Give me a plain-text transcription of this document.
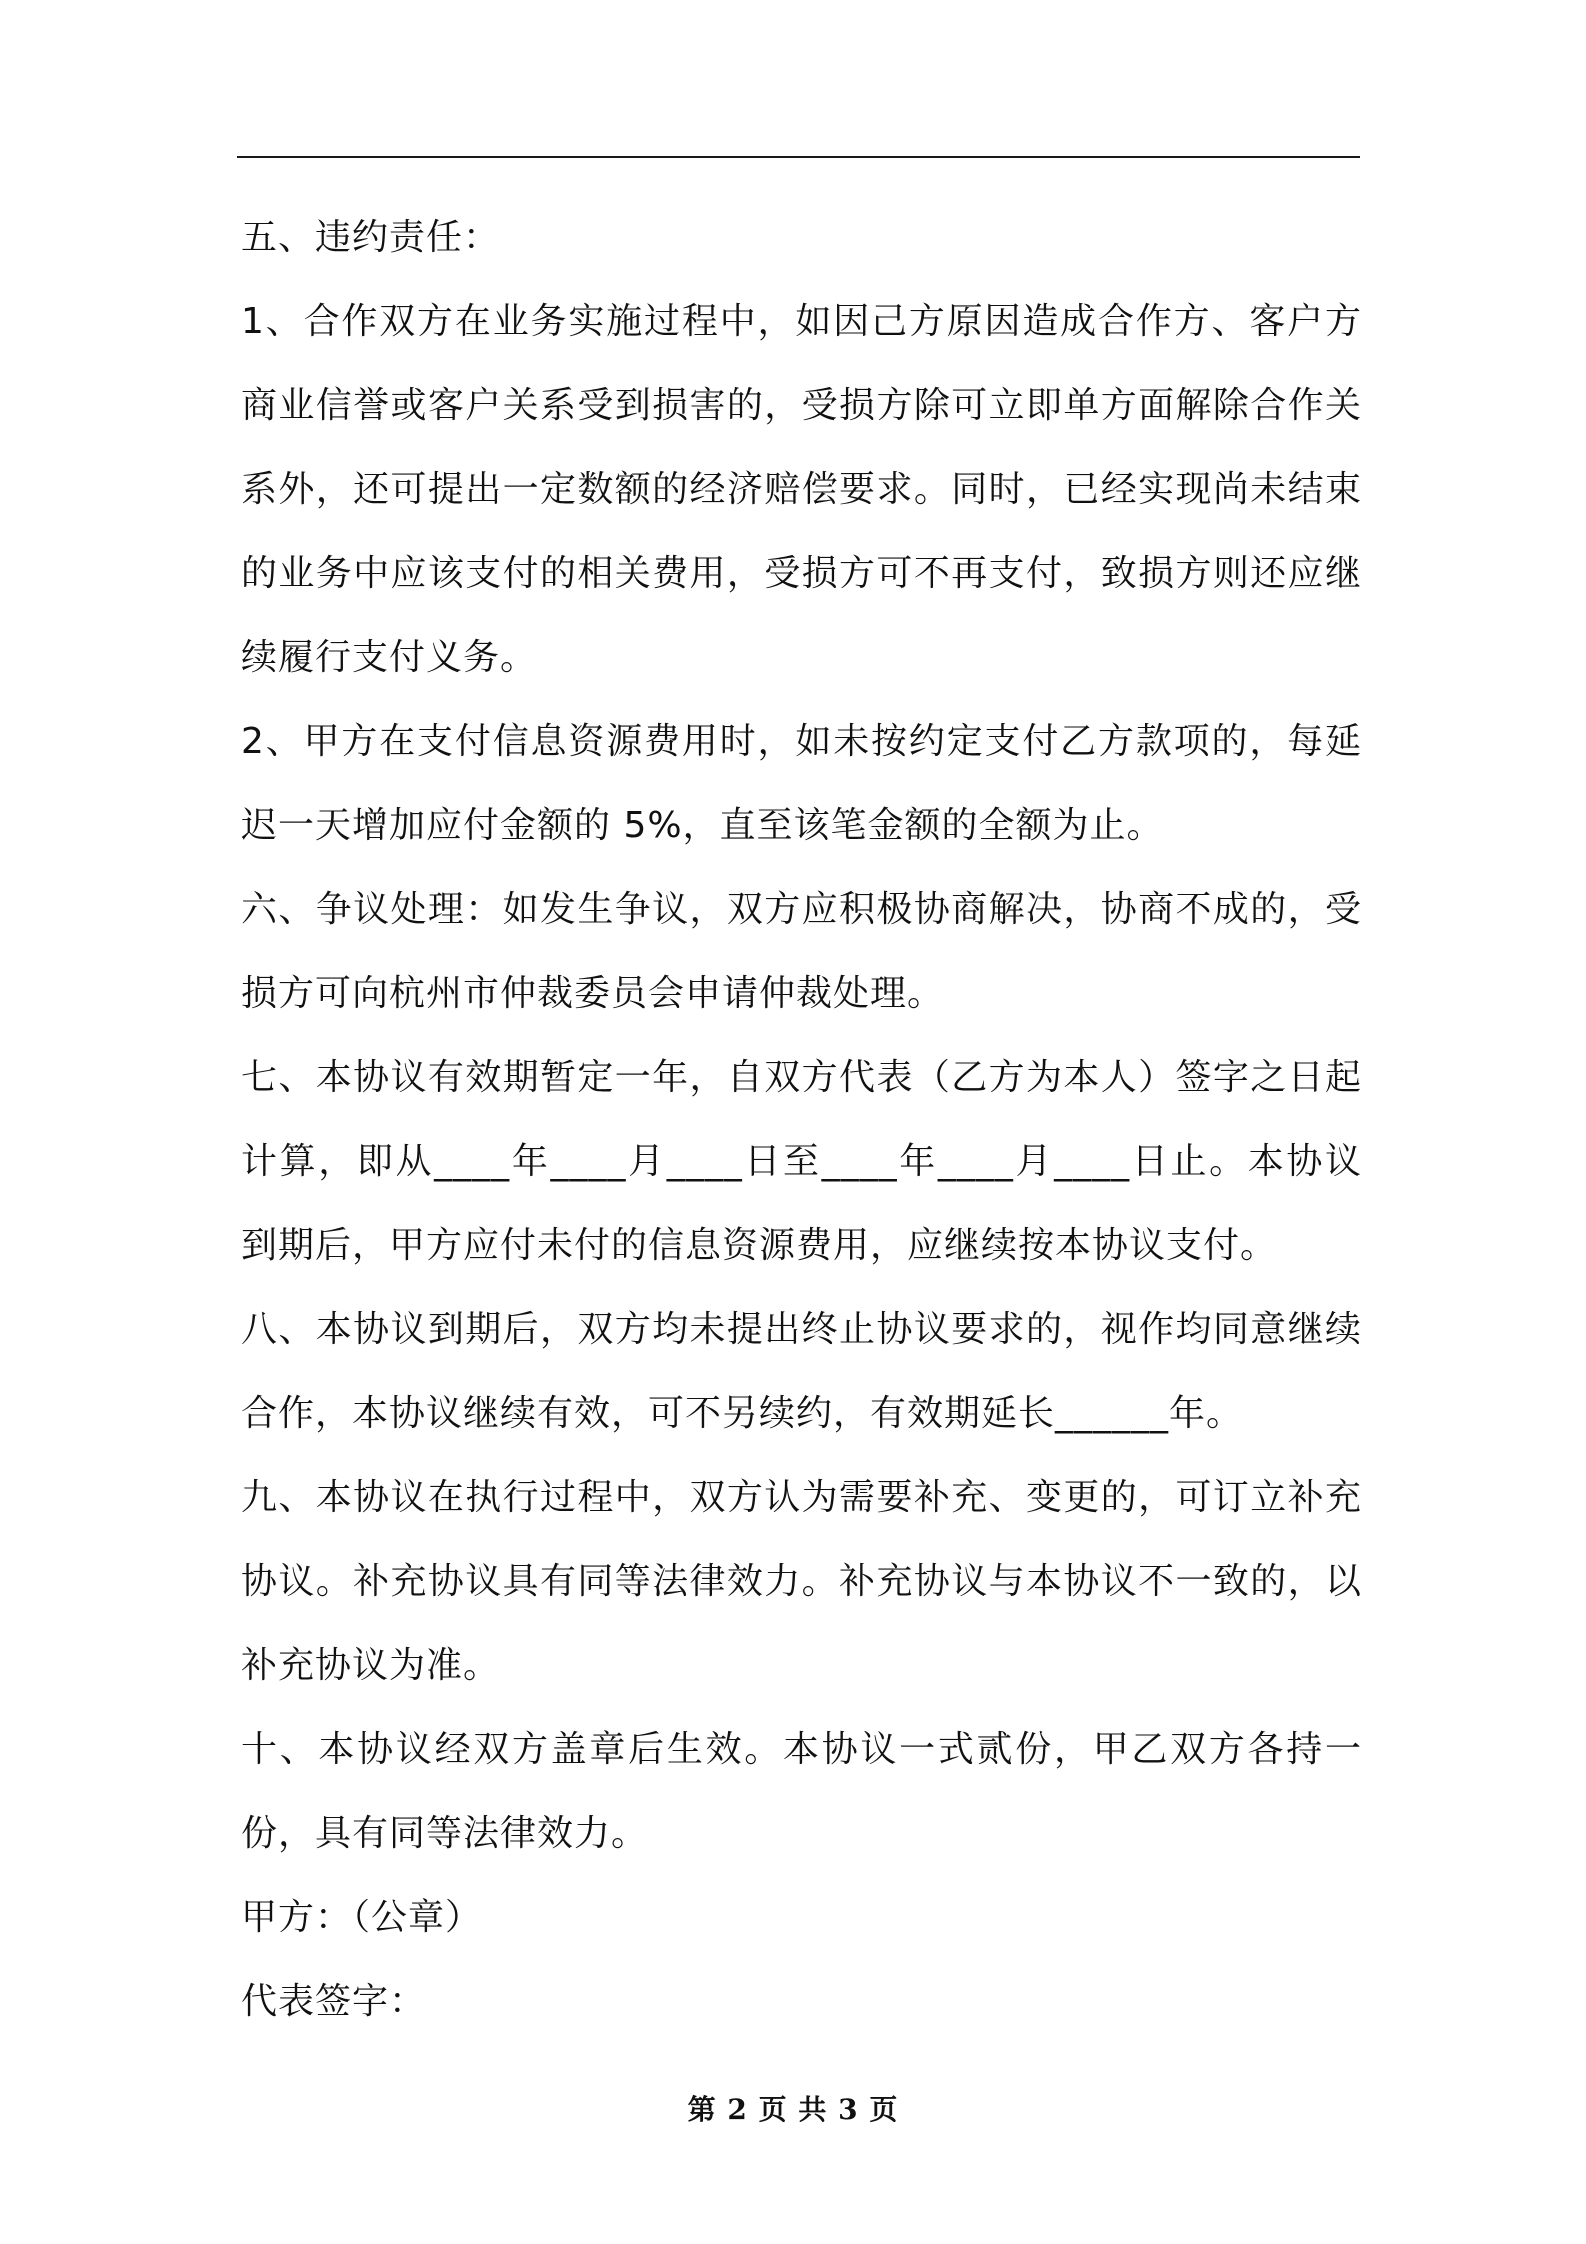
五、违约责任：

1、合作双方在业务实施过程中，如因己方原因造成合作方、客户方商业信誉或客户关系受到损害的，受损方除可立即单方面解除合作关系外，还可提出一定数额的经济赔偿要求。同时，已经实现尚未结束的业务中应该支付的相关费用，受损方可不再支付，致损方则还应继续履行支付义务。

2、甲方在支付信息资源费用时，如未按约定支付乙方款项的，每延迟一天增加应付金额的 5%，直至该笔金额的全额为止。

六、争议处理：如发生争议，双方应积极协商解决，协商不成的，受损方可向杭州市仲裁委员会申请仲裁处理。

七、本协议有效期暂定一年，自双方代表（乙方为本人）签字之日起计算，即从____年____月____日至____年____月____日止。本协议到期后，甲方应付未付的信息资源费用，应继续按本协议支付。

八、本协议到期后，双方均未提出终止协议要求的，视作均同意继续合作，本协议继续有效，可不另续约，有效期延长______年。

九、本协议在执行过程中，双方认为需要补充、变更的，可订立补充协议。补充协议具有同等法律效力。补充协议与本协议不一致的，以补充协议为准。

十、本协议经双方盖章后生效。本协议一式贰份，甲乙双方各持一份，具有同等法律效力。

甲方：（公章）

代表签字：

第 2 页 共 3 页
